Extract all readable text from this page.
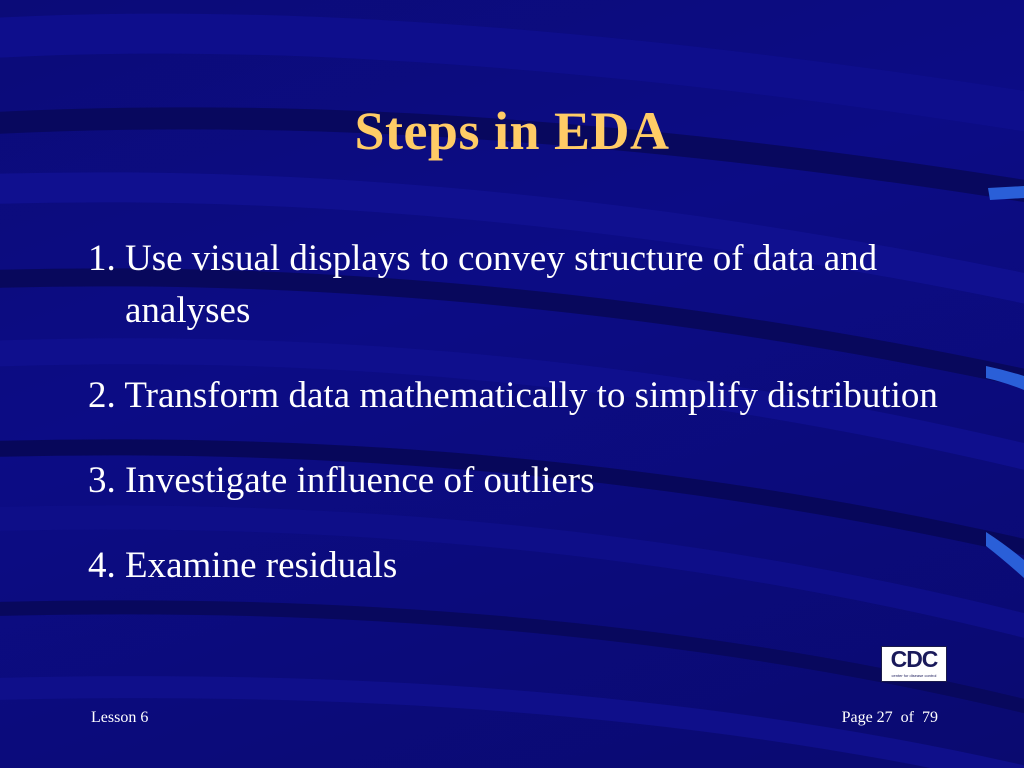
Steps in EDA
1. Use visual displays to convey structure of data and analyses
2. Transform data mathematically to simplify distribution
3. Investigate influence of outliers
4. Examine residuals
CDC
center for disease control
Lesson 6	Page 27 of 79
